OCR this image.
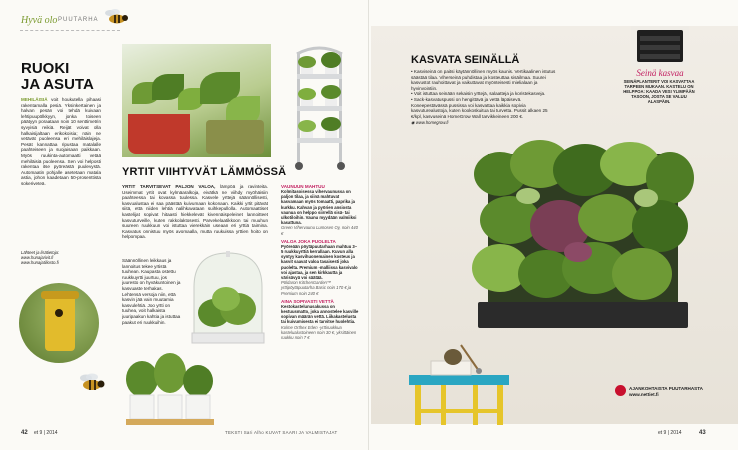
Hyvä olo PUUTARHA
RUOKI
JA ASUTA
MEHILÄISIÄ voit houkutella pihaasi rakentamalla pesiä. Yksinkertainen ja halvan pesän voi tehdä kuivaan lehtipuupölkkyyn, jonka toiseen päätyyn poraataan noin 10 senttimetrin syvyisiä reikiä. Reijät voivat olla halkaisijaltaan erikokoisia; näin ne vetävät puoleensa eri mehiläislajeja. Pesät kannattaa ripustaa matalalle paahteiseen ja suojaisaan paikkaan. Myös ruukinta-automaatti vetää mehiläisiä puoleensa. Sen voi helposti rakentaa itse pyöreästä puulevystä. Automaatin pohjalle asetetaan matala astia, johon kaadetaan 50-prosenttista sokeriveteä.
Lähteet ja lisätietoja:
www.hunajarivit.fi
www.hunajatiliosto.fi
YRTIT VIIHTYVÄT LÄMMÖSSÄ
YRTIT TARVITSEVAT PALJON VALOA, lämpöä ja ravinteita. Useimmat yrtit ovat kylmäaralkoja, eivätkä ne viihdy myöhäisiin paahteessa tai kovassa tuulessa. Kasvele yrttejä säännöllisesti, kasvualustaa ei saa päästää kuivumaan kokonaan. Kaikki yrtit pitävät siitä, että niiden lehtiä nalihkavataan suihkepullolla. Automaattiset kastelijat sopivat hitaasti hiekkelevät kivennäispeleinet lannoitteet kasvuturveille, kuten rakkolaktosesti. Parvekelaatikkoon tai muuhun suureen ruukkuun voi istuttaa vierekkäin useaan eri yrttiä taimina. Kasvatus onnistuu myös avomaalla, mutta ruukuissa yrttien hoito on helpompaa.
Säännöllinen leikkaus ja lannoitus tekee yrtistä tuuhean. Kaupasta ostettu ruukkuyrtti juurtuu, jos juuresto on hyväkuntoinen ja kasvuaste terhakas. Lehtensä versoja niin, että kasvin jää vain muutamia kasvulehtiä. Joo yrtti on tuuhea, voit halkaista juuripaakun kahtia ja istuttaa paakut eri ruukkuihin.
VAUNUUN MAHTUU
Kolmitasoisessa vihervaunussa on paljon tilaa, ja siinä mahtuvat kasvamaan myös tomaatti, paprika ja kurkku. Kahvan ja pyörien ansiosta vaunua on helppo siirrellä sisä- tai ulkotiloihin. Vaunu myydään valmiiksi kasattuna.
Green Vihervaunu Lumosen Oy, noin 440 €
VALOA JOKA PUOLELTA
Pyöreään pöytäpuutarhaan mahtuu 3–5 ruukkuyrttiä kerrallaan. Kuvun alla syntyy kasvihuonemainen kosteus ja kasvit saavat valoa tasaisesti joka puolelta. Premium -malliissa kasvivalo voi ajastaa, ja sen kirkkautta ja värisävyä voi säätää.
Pöldaron KitchenGarden™ yrttipöytäpuutarha Basic noin 170 € ja Premium noin 240 €
AINA SOPIVASTI VETTÄ
Kestokastelunusakussa on kestuusmatto, joka annostelee kasville sopivan määrän vettä. Liikakastelusta tai kuivumisesta ei tarvitse huolehtia.
Kolme Orthex Eden -yrttiruukkua kastelualustoineen noin 30 €, yksittäinen ruukku noin 7 €
42 et 9 | 2014	TEKSTI Sari Alho KUVAT SAARI JA VALMISTAJAT
KASVATA SEINÄLLÄ
• Kasviseinä on paitsi käytännöllinen myös kaunis. Vertikaalinen istutus säästää tilaa. Viherseinä puhdistaa ja kosteuttaa sisäilmaa. Suurei kasvustot rauhoittavat ja vaikuttavat myönteisesti mielialaan ja hyvinvointiin.
• Voit istuttaa seinään sekaisin yrttejä, salaatteja ja koristekasveja.
• Sack-kasvatuspussi on hengittävä ja vettä läpäisevä. Koneepestävässä pussissa voi kasvattaa kaikkia sopivia kasvuturealustoja, kuten kookoskuitua tai turvetta. Pussit alkaen 25 €/kpl, kasvuseinä HomeGrow Wall tarvikkeineen 200 €.
◉ www.homegrow.fi
Seinä kasvaa
SEINÄPLANTERIT VOI KASVATTAA TARPEEN MUKAAN. KASTELU ON HELPPOA: KAADA VESI YLIMPÄÄN TASOON, JOSTA SE VALUU ALASPÄIN.
AJANKOHTAISTA PUUTARHASTA
www.nettiet.fi
et 9 | 2014	43
